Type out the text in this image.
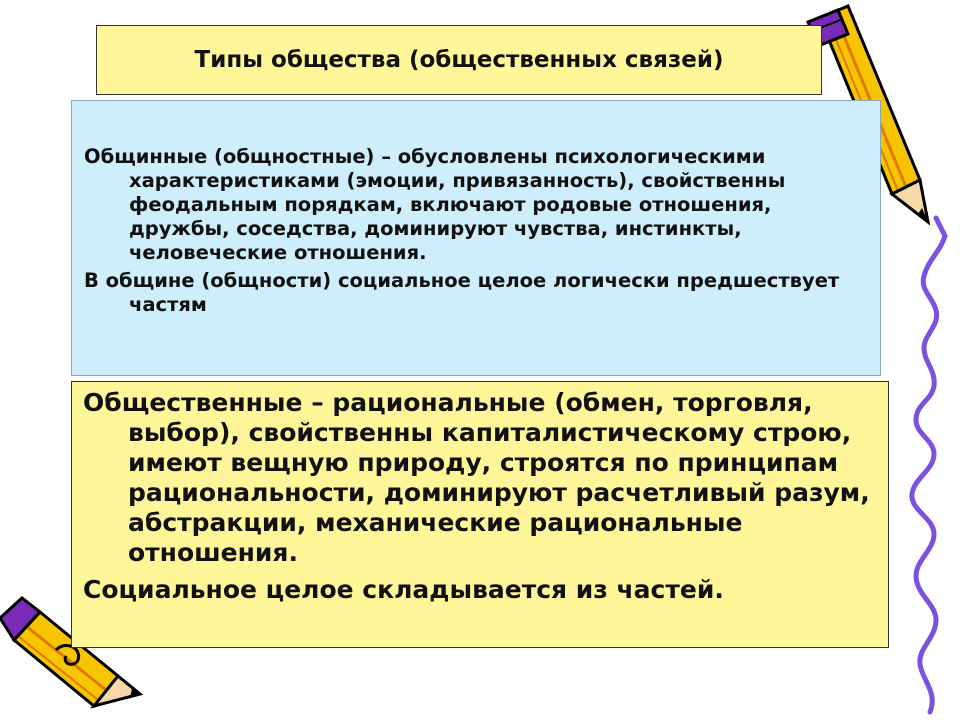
Типы общества (общественных связей)

Общинные (общностные) – обусловлены психологическими характеристиками (эмоции, привязанность), свойственны феодальным порядкам, включают родовые отношения, дружбы, соседства, доминируют чувства, инстинкты, человеческие отношения.

В общине (общности) социальное целое логически предшествует частям

Общественные – рациональные (обмен, торговля, выбор), свойственны капиталистическому строю, имеют вещную природу, строятся по принципам рациональности, доминируют расчетливый разум, абстракции, механические рациональные отношения.

Социальное целое складывается из частей.
